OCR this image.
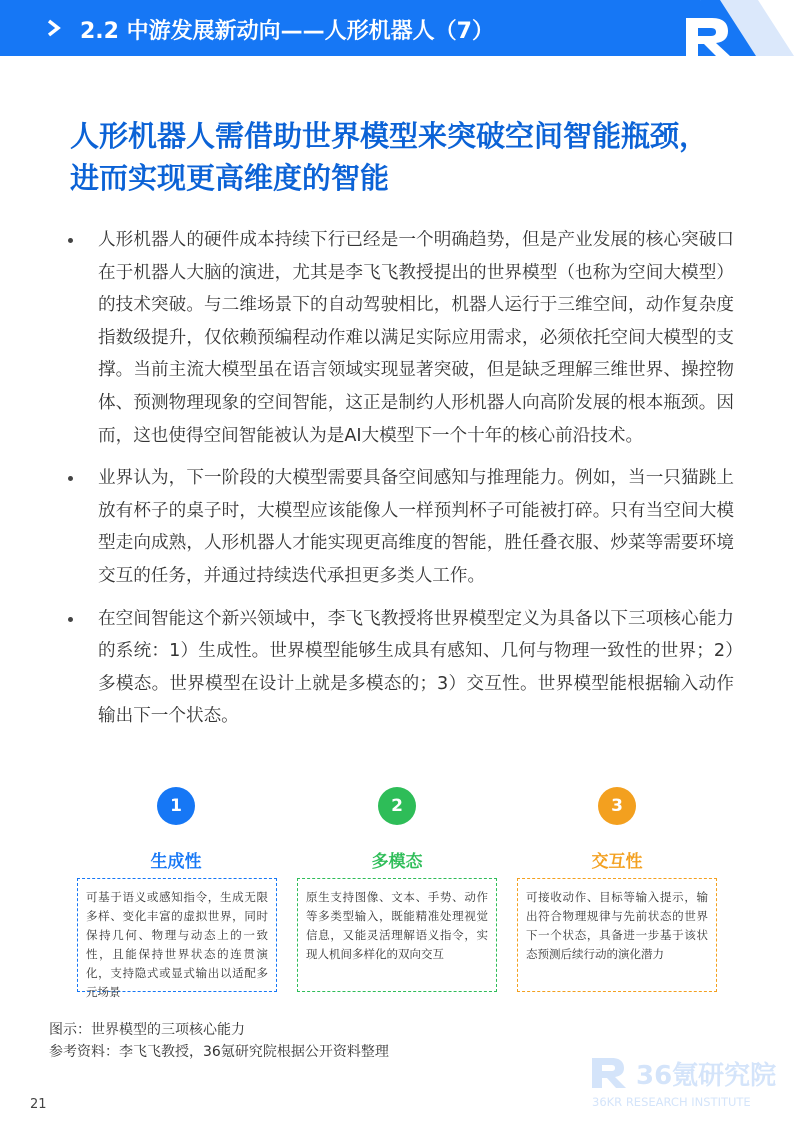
2.2 中游发展新动向——人形机器人（7）
人形机器人需借助世界模型来突破空间智能瓶颈，进而实现更高维度的智能
人形机器人的硬件成本持续下行已经是一个明确趋势，但是产业发展的核心突破口在于机器人大脑的演进，尤其是李飞飞教授提出的世界模型（也称为空间大模型）的技术突破。与二维场景下的自动驾驶相比，机器人运行于三维空间，动作复杂度指数级提升，仅依赖预编程动作难以满足实际应用需求，必须依托空间大模型的支撑。当前主流大模型虽在语言领域实现显著突破，但是缺乏理解三维世界、操控物体、预测物理现象的空间智能，这正是制约人形机器人向高阶发展的根本瓶颈。因而，这也使得空间智能被认为是AI大模型下一个十年的核心前沿技术。
业界认为，下一阶段的大模型需要具备空间感知与推理能力。例如，当一只猫跳上放有杯子的桌子时，大模型应该能像人一样预判杯子可能被打碎。只有当空间大模型走向成熟，人形机器人才能实现更高维度的智能，胜任叠衣服、炒菜等需要环境交互的任务，并通过持续迭代承担更多类人工作。
在空间智能这个新兴领域中，李飞飞教授将世界模型定义为具备以下三项核心能力的系统：1）生成性。世界模型能够生成具有感知、几何与物理一致性的世界；2）多模态。世界模型在设计上就是多模态的；3）交互性。世界模型能根据输入动作输出下一个状态。
1
生成性
可基于语义或感知指令，生成无限多样、变化丰富的虚拟世界，同时保持几何、物理与动态上的一致性，且能保持世界状态的连贯演化，支持隐式或显式输出以适配多元场景
2
多模态
原生支持图像、文本、手势、动作等多类型输入，既能精准处理视觉信息，又能灵活理解语义指令，实现人机间多样化的双向交互
3
交互性
可接收动作、目标等输入提示，输出符合物理规律与先前状态的世界下一个状态，具备进一步基于该状态预测后续行动的演化潜力
图示：世界模型的三项核心能力
参考资料：李飞飞教授，36氪研究院根据公开资料整理
36氪研究院
36KR RESEARCH INSTITUTE
21
